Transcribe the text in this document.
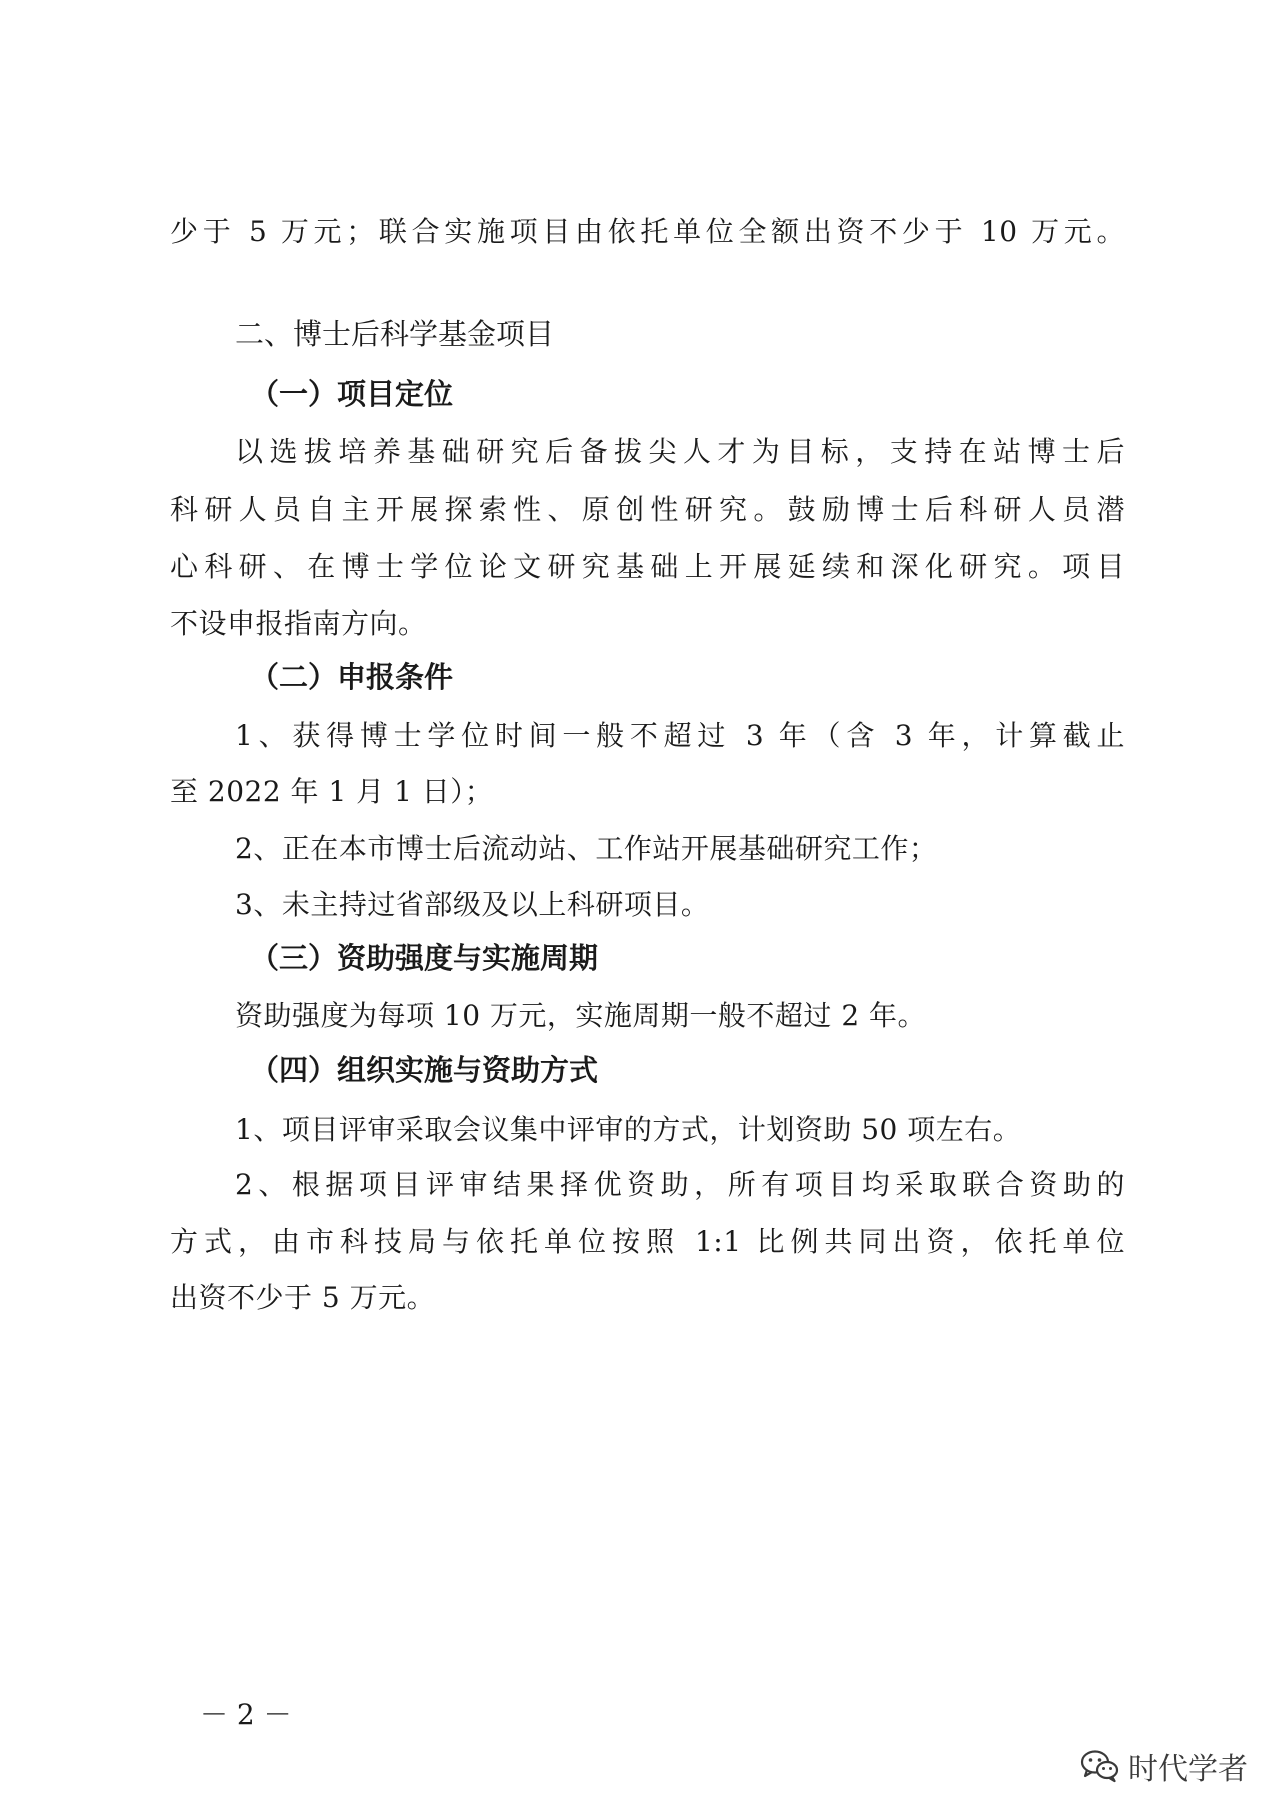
少于 5 万元；联合实施项目由依托单位全额出资不少于 10 万元。
二、博士后科学基金项目
（一）项目定位
以选拔培养基础研究后备拔尖人才为目标，支持在站博士后
科研人员自主开展探索性、原创性研究。鼓励博士后科研人员潜
心科研、在博士学位论文研究基础上开展延续和深化研究。项目
不设申报指南方向。
（二）申报条件
1、获得博士学位时间一般不超过 3 年（含 3 年，计算截止
至 2022 年 1 月 1 日）；
2、正在本市博士后流动站、工作站开展基础研究工作；
3、未主持过省部级及以上科研项目。
（三）资助强度与实施周期
资助强度为每项 10 万元，实施周期一般不超过 2 年。
（四）组织实施与资助方式
1、项目评审采取会议集中评审的方式，计划资助 50 项左右。
2、根据项目评审结果择优资助，所有项目均采取联合资助的
方式，由市科技局与依托单位按照 1:1 比例共同出资，依托单位
出资不少于 5 万元。
－ 2 －
时代学者
